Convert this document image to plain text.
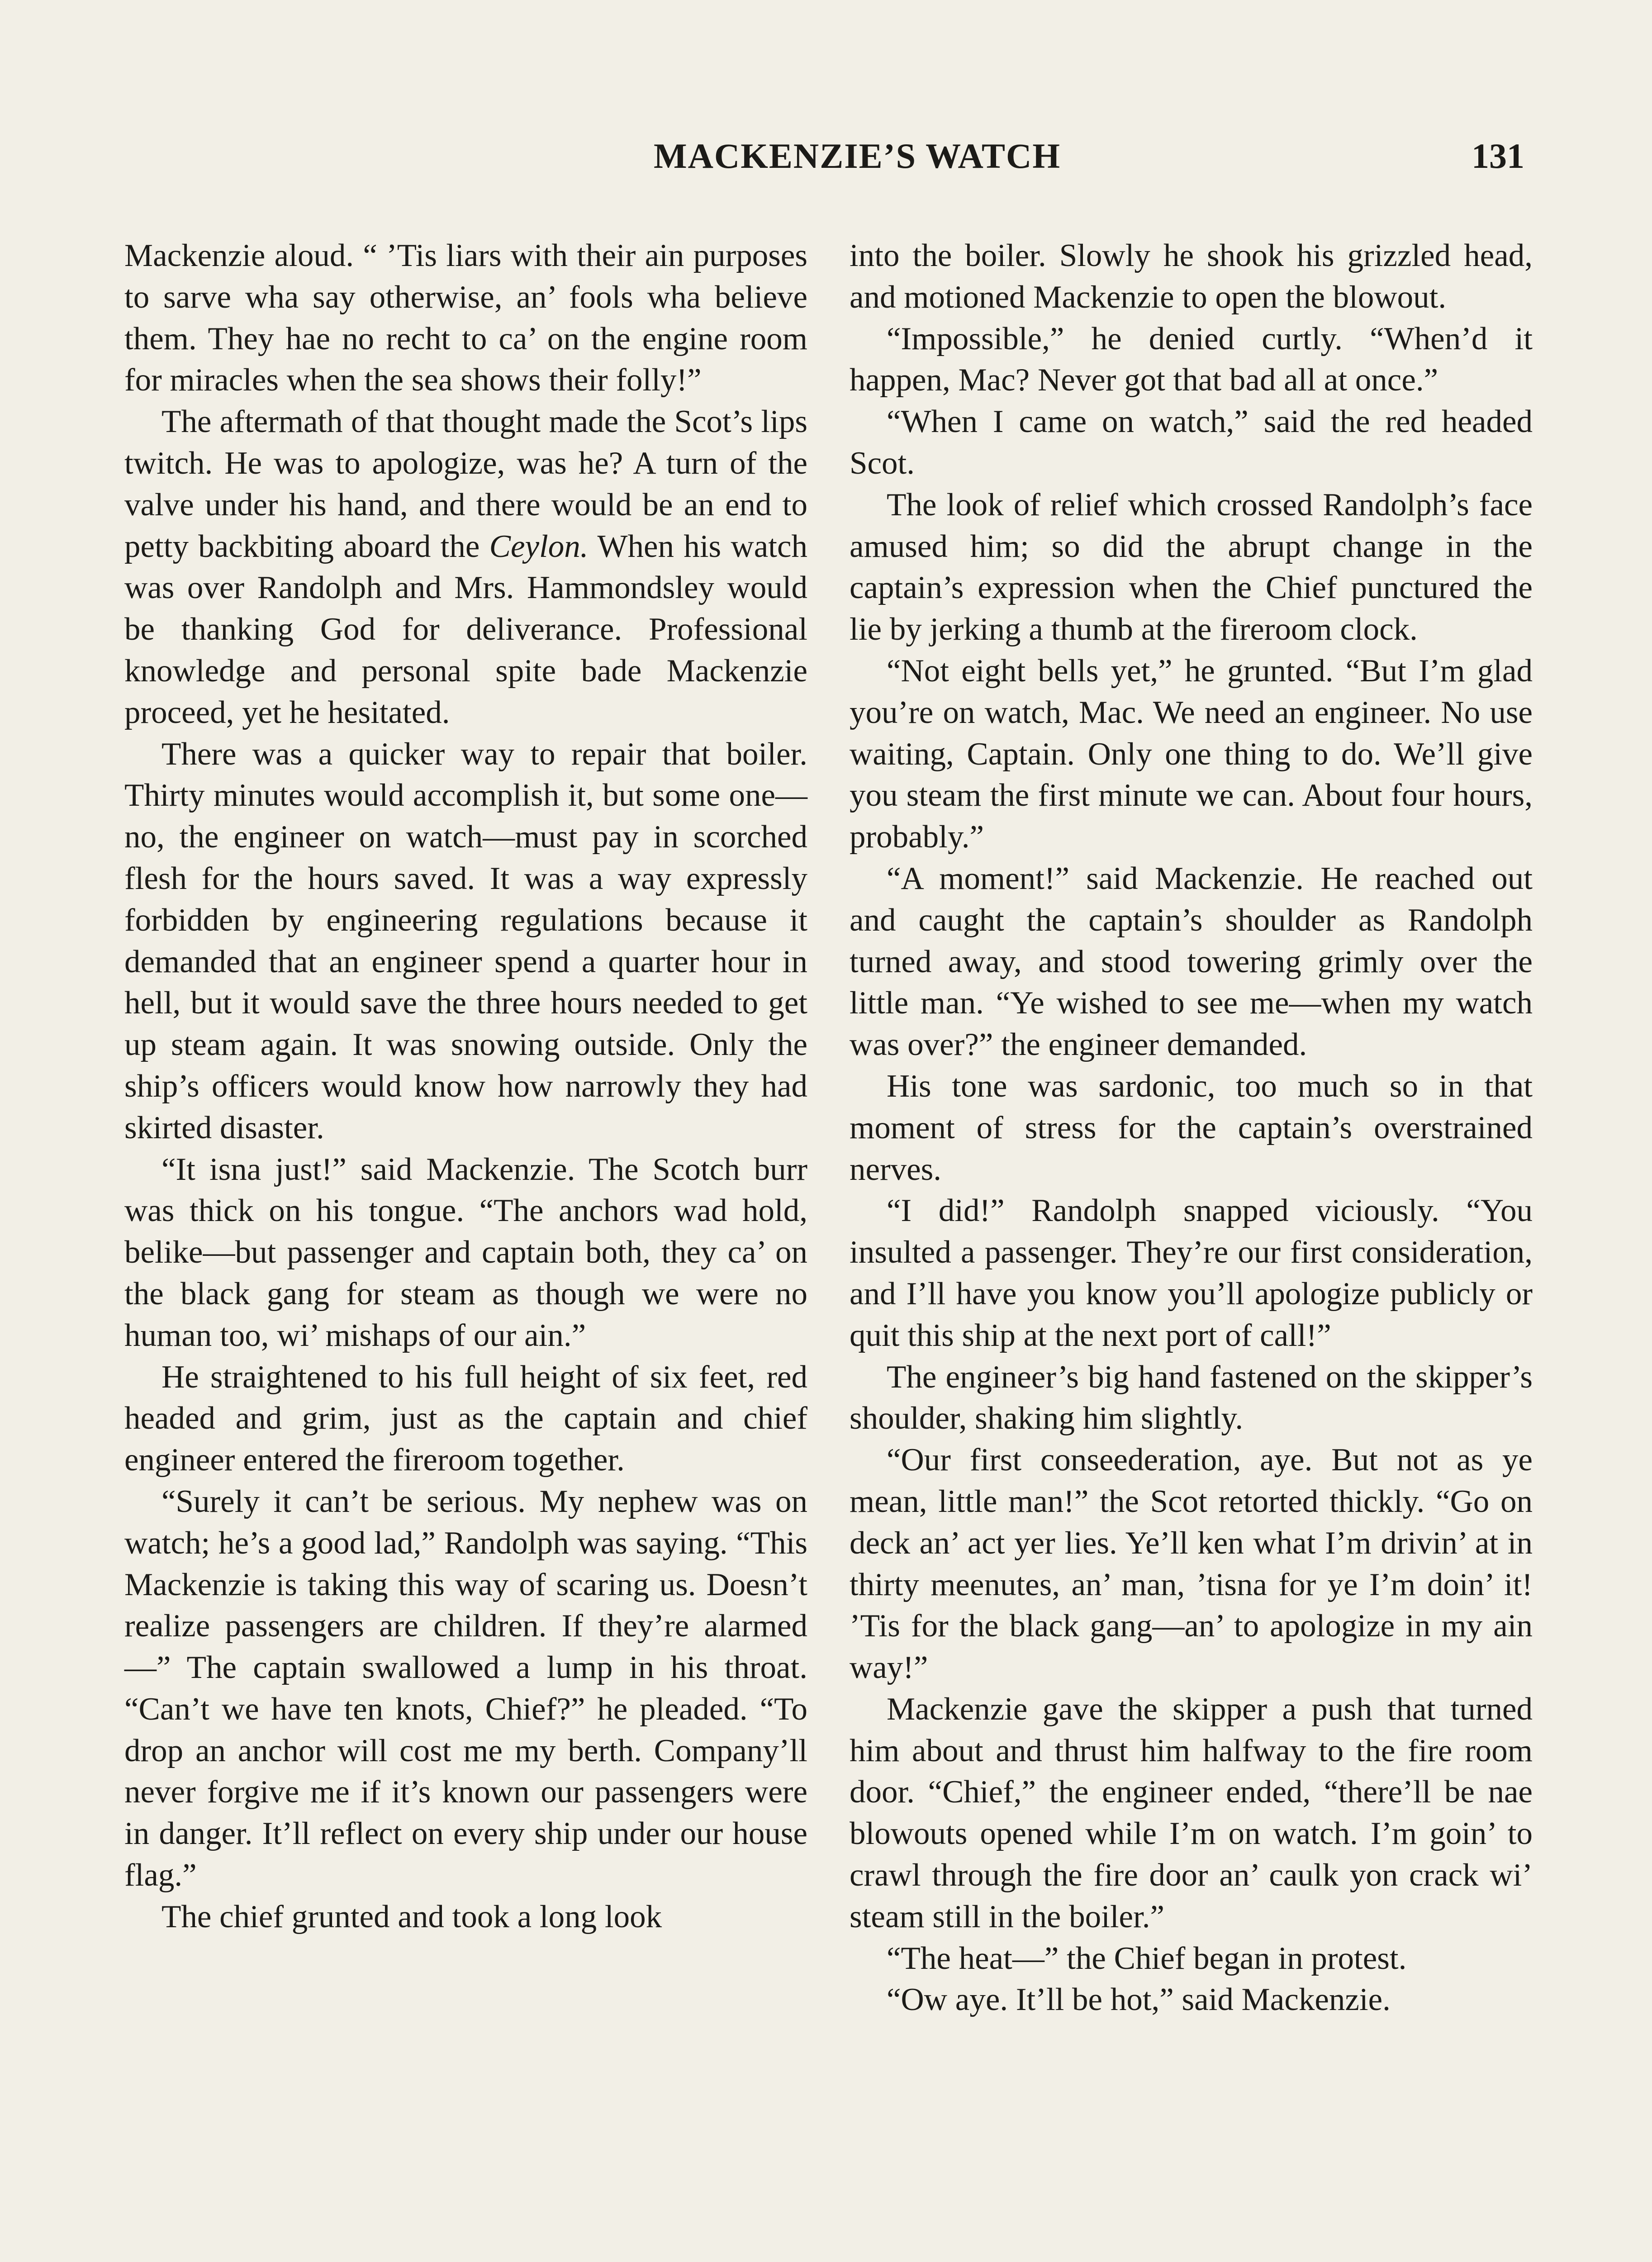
MACKENZIE’S WATCH	131

Mackenzie aloud. “ ’Tis liars with their ain purposes to sarve wha say otherwise, an’ fools wha believe them. They hae no recht to ca’ on the engine room for miracles when the sea shows their folly!”

The aftermath of that thought made the Scot’s lips twitch. He was to apologize, was he? A turn of the valve under his hand, and there would be an end to petty backbiting aboard the Ceylon. When his watch was over Randolph and Mrs. Hammondsley would be thanking God for deliverance. Professional knowledge and personal spite bade Mackenzie proceed, yet he hesitated.

There was a quicker way to repair that boiler. Thirty minutes would accomplish it, but some one—no, the engineer on watch—must pay in scorched flesh for the hours saved. It was a way expressly forbidden by engineering regulations because it demanded that an engineer spend a quarter hour in hell, but it would save the three hours needed to get up steam again. It was snowing outside. Only the ship’s officers would know how narrowly they had skirted disaster.

“It isna just!” said Mackenzie. The Scotch burr was thick on his tongue. “The anchors wad hold, belike—but passenger and captain both, they ca’ on the black gang for steam as though we were no human too, wi’ mishaps of our ain.”

He straightened to his full height of six feet, red headed and grim, just as the captain and chief engineer entered the fireroom together.

“Surely it can’t be serious. My nephew was on watch; he’s a good lad,” Randolph was saying. “This Mackenzie is taking this way of scaring us. Doesn’t realize passengers are children. If they’re alarmed—” The captain swallowed a lump in his throat. “Can’t we have ten knots, Chief?” he pleaded. “To drop an anchor will cost me my berth. Company’ll never forgive me if it’s known our passengers were in danger. It’ll reflect on every ship under our house flag.”

The chief grunted and took a long look

into the boiler. Slowly he shook his grizzled head, and motioned Mackenzie to open the blowout.

“Impossible,” he denied curtly. “When’d it happen, Mac? Never got that bad all at once.”

“When I came on watch,” said the red headed Scot.

The look of relief which crossed Randolph’s face amused him; so did the abrupt change in the captain’s expression when the Chief punctured the lie by jerking a thumb at the fireroom clock.

“Not eight bells yet,” he grunted. “But I’m glad you’re on watch, Mac. We need an engineer. No use waiting, Captain. Only one thing to do. We’ll give you steam the first minute we can. About four hours, probably.”

“A moment!” said Mackenzie. He reached out and caught the captain’s shoulder as Randolph turned away, and stood towering grimly over the little man. “Ye wished to see me—when my watch was over?” the engineer demanded.

His tone was sardonic, too much so in that moment of stress for the captain’s overstrained nerves.

“I did!” Randolph snapped viciously. “You insulted a passenger. They’re our first consideration, and I’ll have you know you’ll apologize publicly or quit this ship at the next port of call!”

The engineer’s big hand fastened on the skipper’s shoulder, shaking him slightly.

“Our first conseederation, aye. But not as ye mean, little man!” the Scot retorted thickly. “Go on deck an’ act yer lies. Ye’ll ken what I’m drivin’ at in thirty meenutes, an’ man, ’tisna for ye I’m doin’ it! ’Tis for the black gang—an’ to apologize in my ain way!”

Mackenzie gave the skipper a push that turned him about and thrust him halfway to the fire room door. “Chief,” the engineer ended, “there’ll be nae blowouts opened while I’m on watch. I’m goin’ to crawl through the fire door an’ caulk yon crack wi’ steam still in the boiler.”

“The heat—” the Chief began in protest.

“Ow aye. It’ll be hot,” said Mackenzie.
